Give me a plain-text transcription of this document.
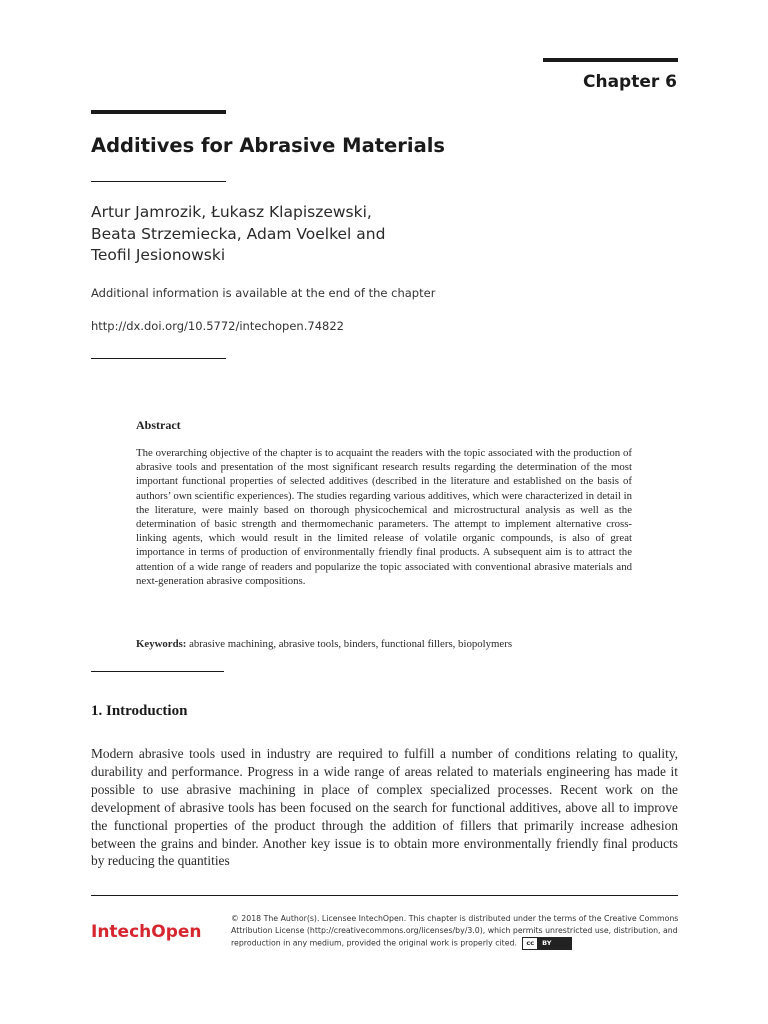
Chapter 6
Additives for Abrasive Materials
Artur Jamrozik, Łukasz Klapiszewski,
Beata Strzemiecka, Adam Voelkel and
Teofil Jesionowski
Additional information is available at the end of the chapter
http://dx.doi.org/10.5772/intechopen.74822
Abstract
The overarching objective of the chapter is to acquaint the readers with the topic associated with the production of abrasive tools and presentation of the most significant research results regarding the determination of the most important functional properties of selected additives (described in the literature and established on the basis of authors’ own scientific experiences). The studies regarding various additives, which were characterized in detail in the literature, were mainly based on thorough physicochemical and microstructural analysis as well as the determination of basic strength and thermomechanic parameters. The attempt to implement alternative cross-linking agents, which would result in the limited release of volatile organic compounds, is also of great importance in terms of production of environmentally friendly final products. A subsequent aim is to attract the attention of a wide range of readers and popularize the topic associated with conventional abrasive materials and next-generation abrasive compositions.
Keywords: abrasive machining, abrasive tools, binders, functional fillers, biopolymers
1. Introduction
Modern abrasive tools used in industry are required to fulfill a number of conditions relating to quality, durability and performance. Progress in a wide range of areas related to materials engineering has made it possible to use abrasive machining in place of complex specialized processes. Recent work on the development of abrasive tools has been focused on the search for functional additives, above all to improve the functional properties of the product through the addition of fillers that primarily increase adhesion between the grains and binder. Another key issue is to obtain more environmentally friendly final products by reducing the quantities
IntechOpen
© 2018 The Author(s). Licensee IntechOpen. This chapter is distributed under the terms of the Creative Commons Attribution License (http://creativecommons.org/licenses/by/3.0), which permits unrestricted use, distribution, and reproduction in any medium, provided the original work is properly cited.	cc	BY
